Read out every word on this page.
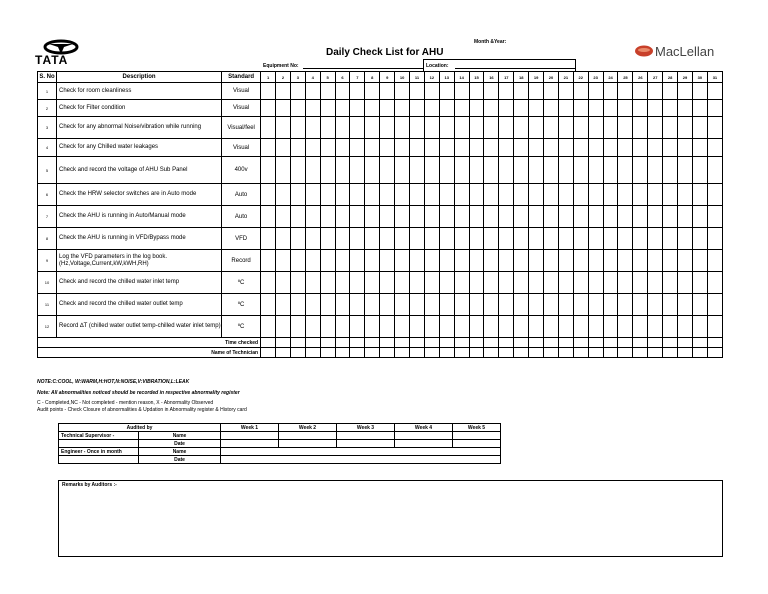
TATA
Month &Year:
Daily Check List for AHU	MacLellan
Equipment No:	Location:
S. No	Description	Standard	1	2	3	4	5	6	7	8	9	10	11	12	13	14	15	16	17	18	19	20	21	22	23	24	25	26	27	28	29	30	31
1	Check for room cleanliness	Visual																															
2	Check for Filter condition	Visual																															
3	Check for any abnormal Noise/vibration while running	Visual/feel																															
4	Check for any Chilled water leakages	Visual																															
5	Check and record the voltage of AHU Sub Panel	400v																															
6	Check the HRW selector switches are in Auto mode	Auto																															
7	Check the AHU is running in Auto/Manual mode	Auto																															
8	Check the AHU is running in VFD/Bypass mode	VFD																															
9	Log the VFD parameters in the log book.(Hz,Voltage,Current,kW,kWH,RH)	Record																															
10	Check and record the chilled water inlet temp	ºC																															
11	Check and record the chilled water outlet temp	ºC																															
12	Record ∆T (chilled water outlet temp-chilled water inlet temp)	ºC																															
Time checked																																	
Name of Technician																																	
NOTE:C:COOL, W:WARM,H:HOT,N:NOISE,V:VIBRATION,L:LEAK
Note: All abnormalities noticed should be recorded in respective abnormality register
C - Completed,NC - Not completed - mention reason, X - Abnormality Observed
Audit points - Check Closure of abnormalities & Updation in Abnormality register & History card
Audited by		Week 1	Week 2	Week 3	Week 4	Week 5
Technical Supervisor -	Name					
	Date					
Engineer - Once in month	Name					
	Date					
Remarks by Auditors :-
